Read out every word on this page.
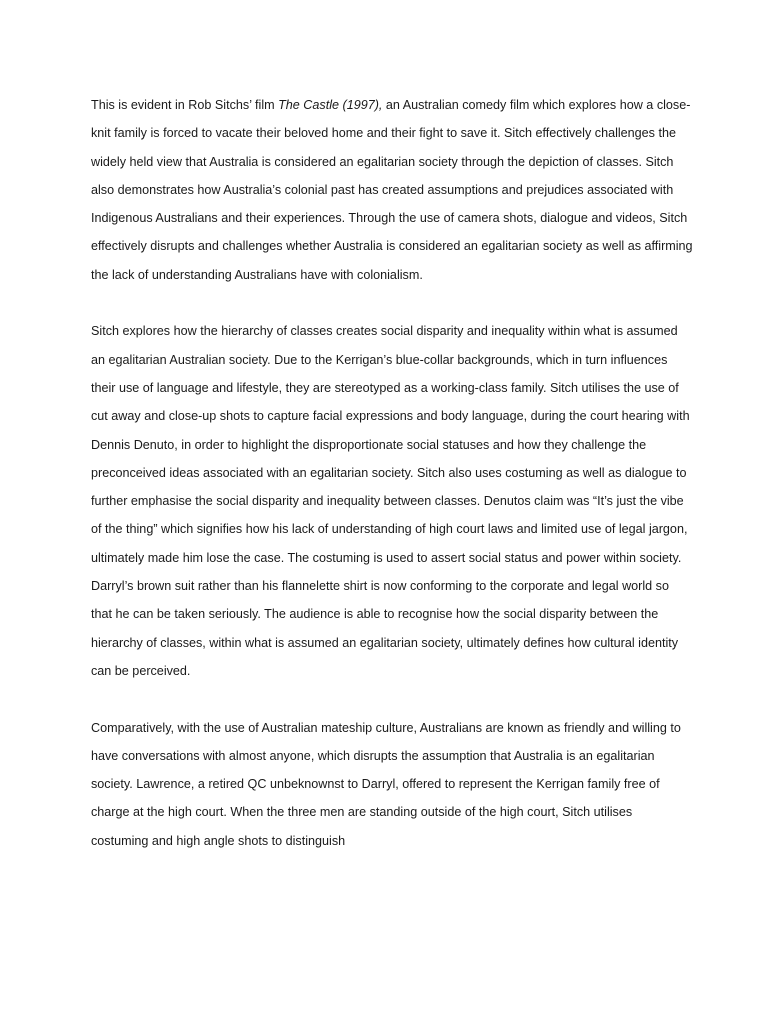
This is evident in Rob Sitchs’ film The Castle (1997), an Australian comedy film which explores how a close-knit family is forced to vacate their beloved home and their fight to save it. Sitch effectively challenges the widely held view that Australia is considered an egalitarian society through the depiction of classes. Sitch also demonstrates how Australia’s colonial past has created assumptions and prejudices associated with Indigenous Australians and their experiences. Through the use of camera shots, dialogue and videos, Sitch effectively disrupts and challenges whether Australia is considered an egalitarian society as well as affirming the lack of understanding Australians have with colonialism.

Sitch explores how the hierarchy of classes creates social disparity and inequality within what is assumed an egalitarian Australian society. Due to the Kerrigan’s blue-collar backgrounds, which in turn influences their use of language and lifestyle, they are stereotyped as a working-class family. Sitch utilises the use of cut away and close-up shots to capture facial expressions and body language, during the court hearing with Dennis Denuto, in order to highlight the disproportionate social statuses and how they challenge the preconceived ideas associated with an egalitarian society. Sitch also uses costuming as well as dialogue to further emphasise the social disparity and inequality between classes. Denutos claim was “It’s just the vibe of the thing” which signifies how his lack of understanding of high court laws and limited use of legal jargon, ultimately made him lose the case. The costuming is used to assert social status and power within society. Darryl’s brown suit rather than his flannelette shirt is now conforming to the corporate and legal world so that he can be taken seriously. The audience is able to recognise how the social disparity between the hierarchy of classes, within what is assumed an egalitarian society, ultimately defines how cultural identity can be perceived.

Comparatively, with the use of Australian mateship culture, Australians are known as friendly and willing to have conversations with almost anyone, which disrupts the assumption that Australia is an egalitarian society. Lawrence, a retired QC unbeknownst to Darryl, offered to represent the Kerrigan family free of charge at the high court. When the three men are standing outside of the high court, Sitch utilises costuming and high angle shots to distinguish
